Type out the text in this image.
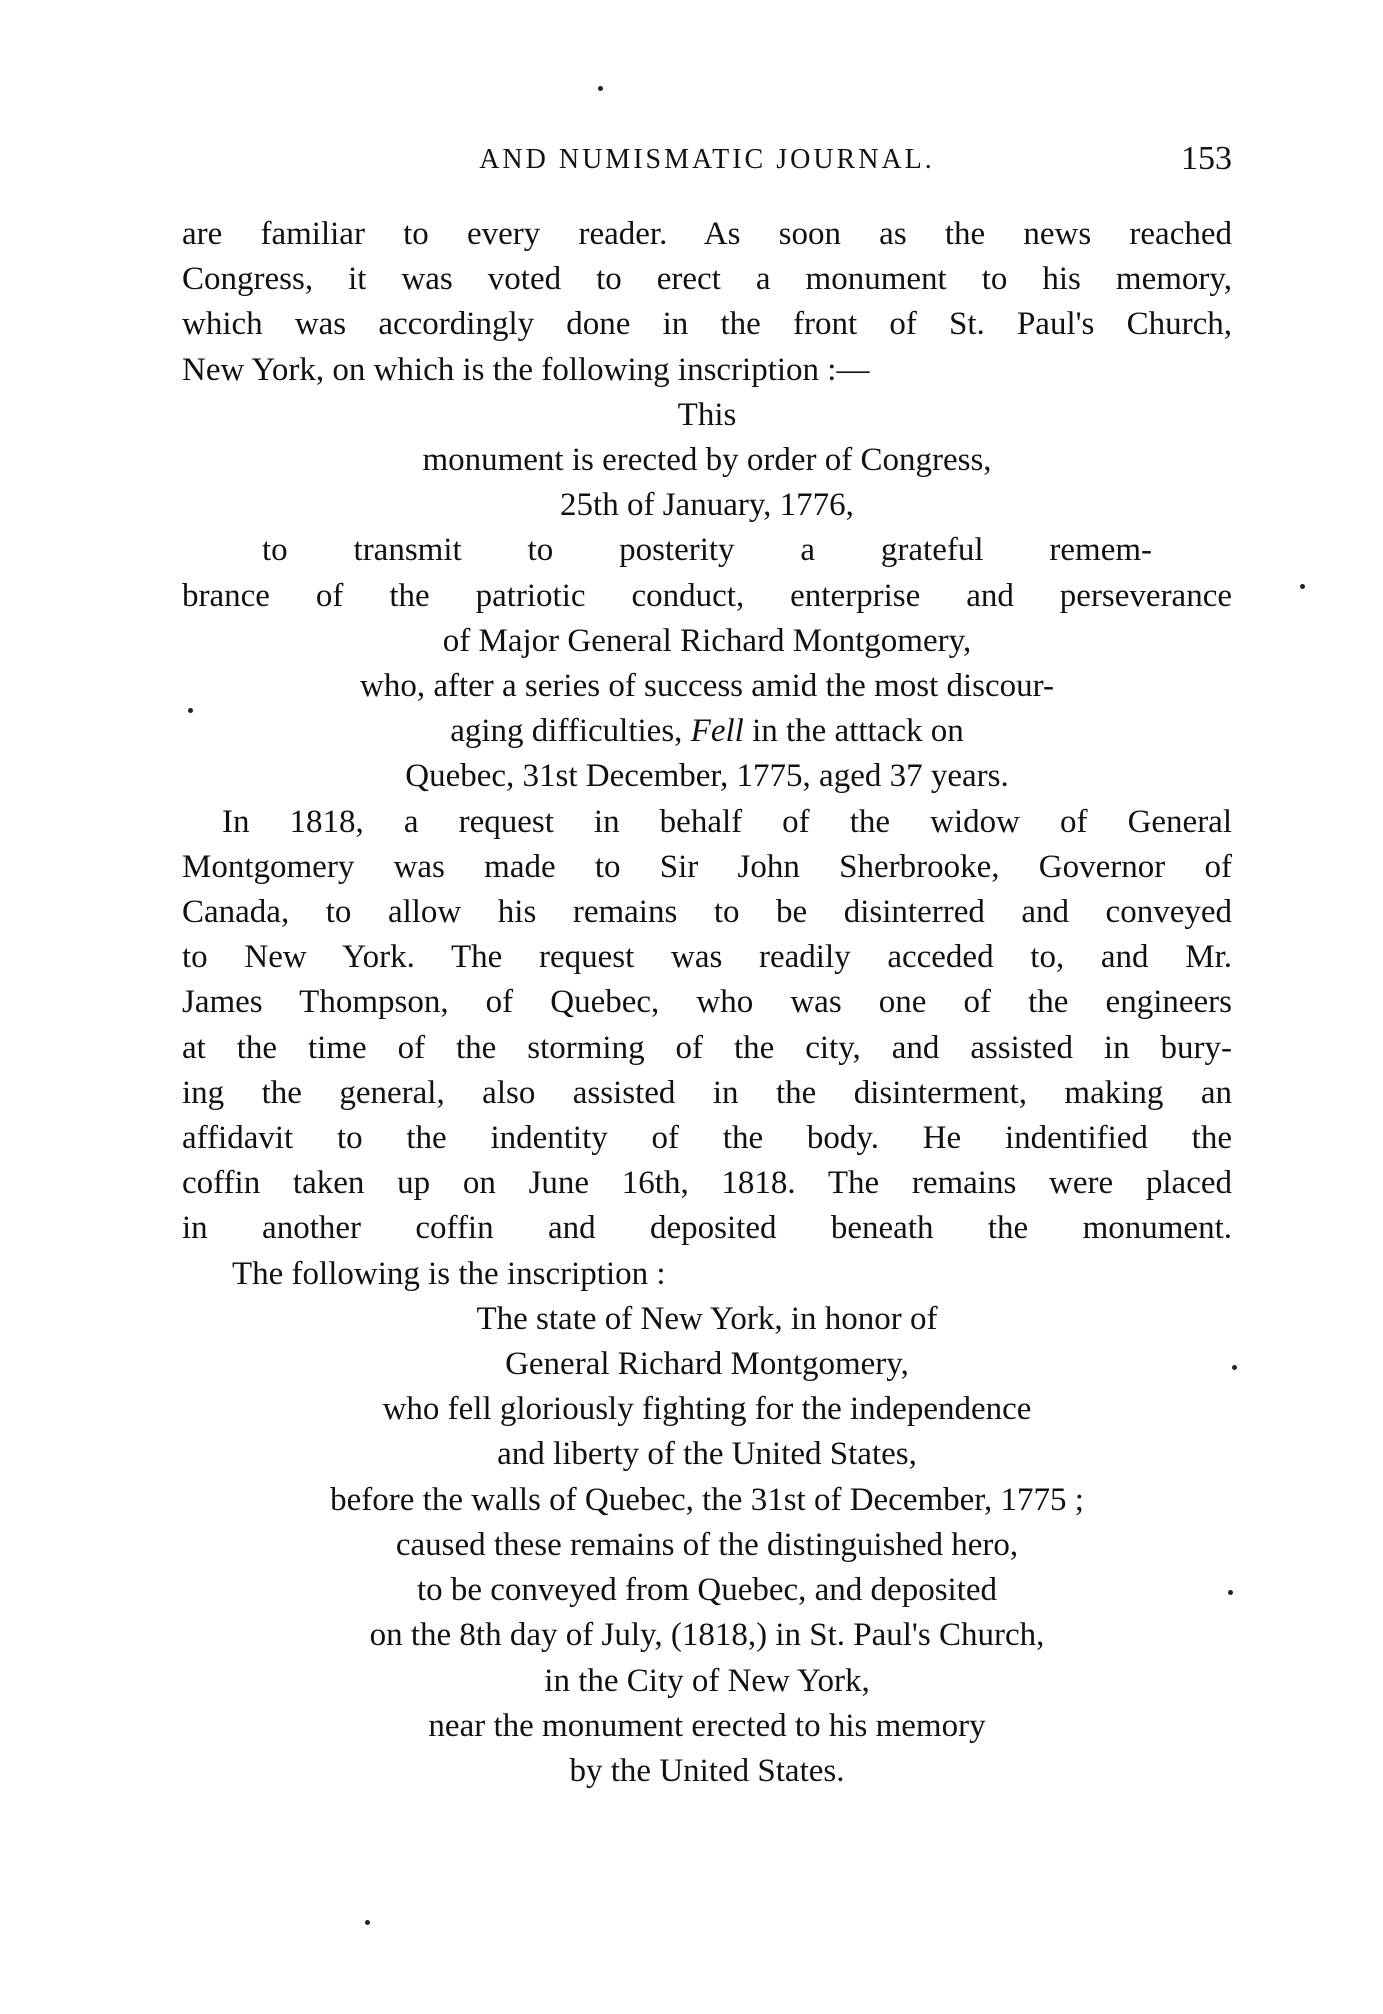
AND NUMISMATIC JOURNAL.	153
are familiar to every reader. As soon as the news reached
Congress, it was voted to erect a monument to his memory,
which was accordingly done in the front of St. Paul's Church,
New York, on which is the following inscription :—
This
monument is erected by order of Congress,
25th of January, 1776,
to transmit to posterity a grateful remem-
brance of the patriotic conduct, enterprise and perseverance
of Major General Richard Montgomery,
who, after a series of success amid the most discour-
aging difficulties, Fell in the atttack on
Quebec, 31st December, 1775, aged 37 years.
In 1818, a request in behalf of the widow of General
Montgomery was made to Sir John Sherbrooke, Governor of
Canada, to allow his remains to be disinterred and conveyed
to New York. The request was readily acceded to, and Mr.
James Thompson, of Quebec, who was one of the engineers
at the time of the storming of the city, and assisted in bury-
ing the general, also assisted in the disinterment, making an
affidavit to the indentity of the body. He indentified the
coffin taken up on June 16th, 1818. The remains were placed
in another coffin and deposited beneath the monument.
The following is the inscription :
The state of New York, in honor of
General Richard Montgomery,
who fell gloriously fighting for the independence
and liberty of the United States,
before the walls of Quebec, the 31st of December, 1775 ;
caused these remains of the distinguished hero,
to be conveyed from Quebec, and deposited
on the 8th day of July, (1818,) in St. Paul's Church,
in the City of New York,
near the monument erected to his memory
by the United States.
